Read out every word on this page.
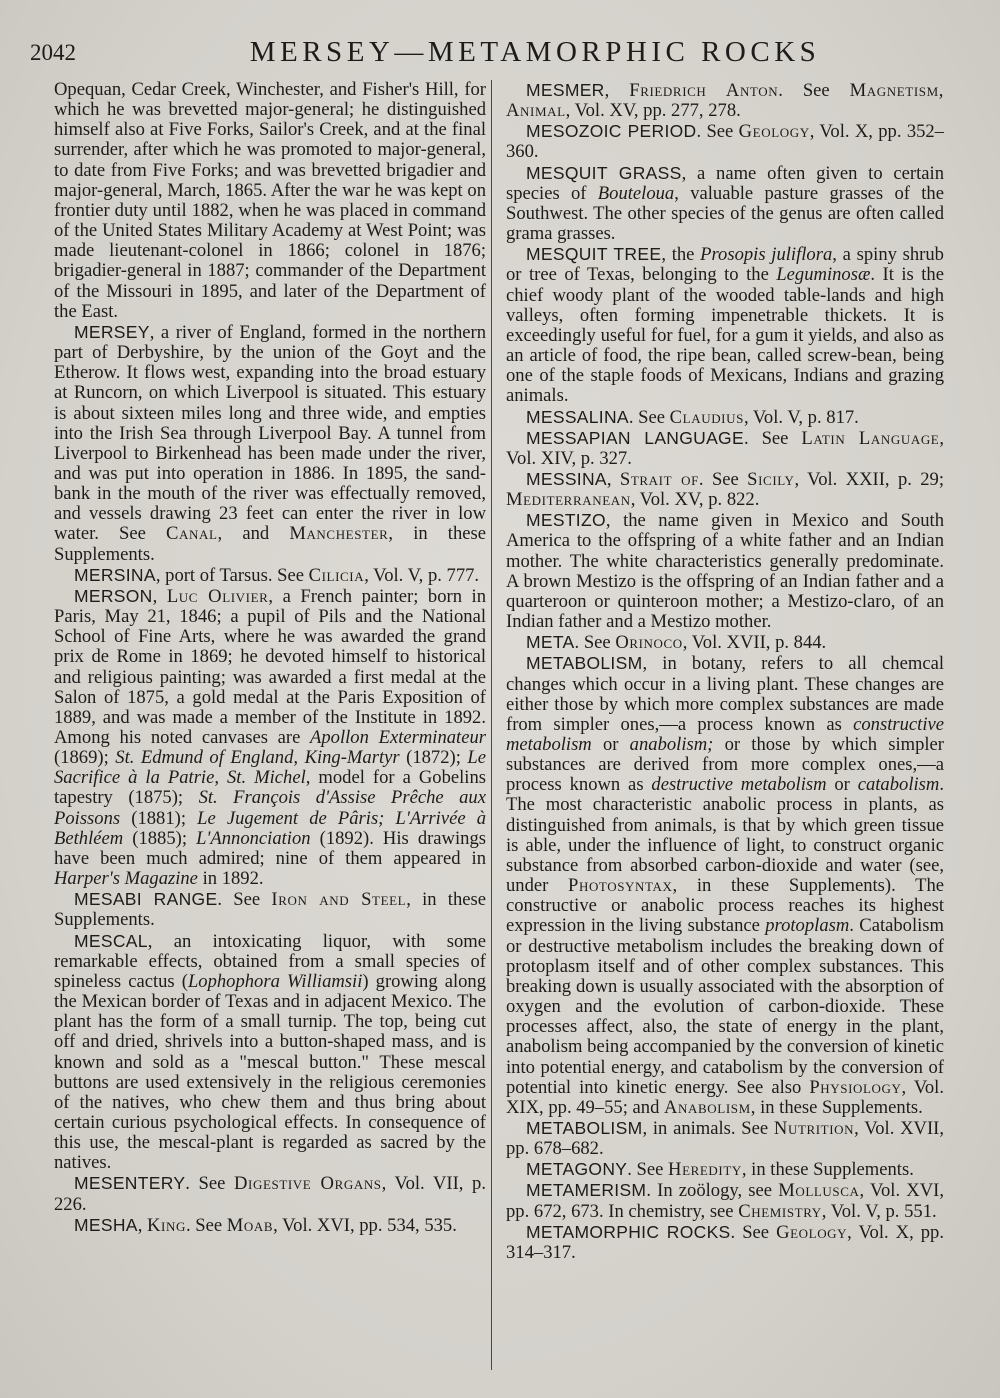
2042	MERSEY—METAMORPHIC ROCKS

Opequan, Cedar Creek, Winchester, and Fisher's Hill, for which he was brevetted major-general; he distinguished himself also at Five Forks, Sailor's Creek, and at the final surrender, after which he was promoted to major-general, to date from Five Forks; and was brevetted brigadier and major-general, March, 1865. After the war he was kept on frontier duty until 1882, when he was placed in command of the United States Military Academy at West Point; was made lieutenant-colonel in 1866; colonel in 1876; brigadier-general in 1887; commander of the Department of the Missouri in 1895, and later of the Department of the East.

MERSEY, a river of England, formed in the northern part of Derbyshire, by the union of the Goyt and the Etherow. It flows west, expanding into the broad estuary at Runcorn, on which Liverpool is situated. This estuary is about sixteen miles long and three wide, and empties into the Irish Sea through Liverpool Bay. A tunnel from Liverpool to Birkenhead has been made under the river, and was put into operation in 1886. In 1895, the sand-bank in the mouth of the river was effectually removed, and vessels drawing 23 feet can enter the river in low water. See Canal, and Manchester, in these Supplements.

MERSINA, port of Tarsus. See Cilicia, Vol. V, p. 777.

MERSON, Luc Olivier, a French painter; born in Paris, May 21, 1846; a pupil of Pils and the National School of Fine Arts, where he was awarded the grand prix de Rome in 1869; he devoted himself to historical and religious painting; was awarded a first medal at the Salon of 1875, a gold medal at the Paris Exposition of 1889, and was made a member of the Institute in 1892. Among his noted canvases are Apollon Exterminateur (1869); St. Edmund of England, King-Martyr (1872); Le Sacrifice à la Patrie, St. Michel, model for a Gobelins tapestry (1875); St. François d'Assise Prêche aux Poissons (1881); Le Jugement de Pâris; L'Arrivée à Bethléem (1885); L'Annonciation (1892). His drawings have been much admired; nine of them appeared in Harper's Magazine in 1892.

MESABI RANGE. See Iron and Steel, in these Supplements.

MESCAL, an intoxicating liquor, with some remarkable effects, obtained from a small species of spineless cactus (Lophophora Williamsii) growing along the Mexican border of Texas and in adjacent Mexico. The plant has the form of a small turnip. The top, being cut off and dried, shrivels into a button-shaped mass, and is known and sold as a "mescal button." These mescal buttons are used extensively in the religious ceremonies of the natives, who chew them and thus bring about certain curious psychological effects. In consequence of this use, the mescal-plant is regarded as sacred by the natives.

MESENTERY. See Digestive Organs, Vol. VII, p. 226.

MESHA, King. See Moab, Vol. XVI, pp. 534, 535.

MESMER, Friedrich Anton. See Magnetism, Animal, Vol. XV, pp. 277, 278.

MESOZOIC PERIOD. See Geology, Vol. X, pp. 352–360.

MESQUIT GRASS, a name often given to certain species of Bouteloua, valuable pasture grasses of the Southwest. The other species of the genus are often called grama grasses.

MESQUIT TREE, the Prosopis juliflora, a spiny shrub or tree of Texas, belonging to the Leguminosæ. It is the chief woody plant of the wooded table-lands and high valleys, often forming impenetrable thickets. It is exceedingly useful for fuel, for a gum it yields, and also as an article of food, the ripe bean, called screw-bean, being one of the staple foods of Mexicans, Indians and grazing animals.

MESSALINA. See Claudius, Vol. V, p. 817.

MESSAPIAN LANGUAGE. See Latin Language, Vol. XIV, p. 327.

MESSINA, Strait of. See Sicily, Vol. XXII, p. 29; Mediterranean, Vol. XV, p. 822.

MESTIZO, the name given in Mexico and South America to the offspring of a white father and an Indian mother. The white characteristics generally predominate. A brown Mestizo is the offspring of an Indian father and a quarteroon or quinteroon mother; a Mestizo-claro, of an Indian father and a Mestizo mother.

META. See Orinoco, Vol. XVII, p. 844.

METABOLISM, in botany, refers to all chemcal changes which occur in a living plant. These changes are either those by which more complex substances are made from simpler ones,—a process known as constructive metabolism or anabolism; or those by which simpler substances are derived from more complex ones,—a process known as destructive metabolism or catabolism. The most characteristic anabolic process in plants, as distinguished from animals, is that by which green tissue is able, under the influence of light, to construct organic substance from absorbed carbon-dioxide and water (see, under Photosyntax, in these Supplements). The constructive or anabolic process reaches its highest expression in the living substance protoplasm. Catabolism or destructive metabolism includes the breaking down of protoplasm itself and of other complex substances. This breaking down is usually associated with the absorption of oxygen and the evolution of carbon-dioxide. These processes affect, also, the state of energy in the plant, anabolism being accompanied by the conversion of kinetic into potential energy, and catabolism by the conversion of potential into kinetic energy. See also Physiology, Vol. XIX, pp. 49–55; and Anabolism, in these Supplements.

METABOLISM, in animals. See Nutrition, Vol. XVII, pp. 678–682.

METAGONY. See Heredity, in these Supplements.

METAMERISM. In zoölogy, see Mollusca, Vol. XVI, pp. 672, 673. In chemistry, see Chemistry, Vol. V, p. 551.

METAMORPHIC ROCKS. See Geology, Vol. X, pp. 314–317.
